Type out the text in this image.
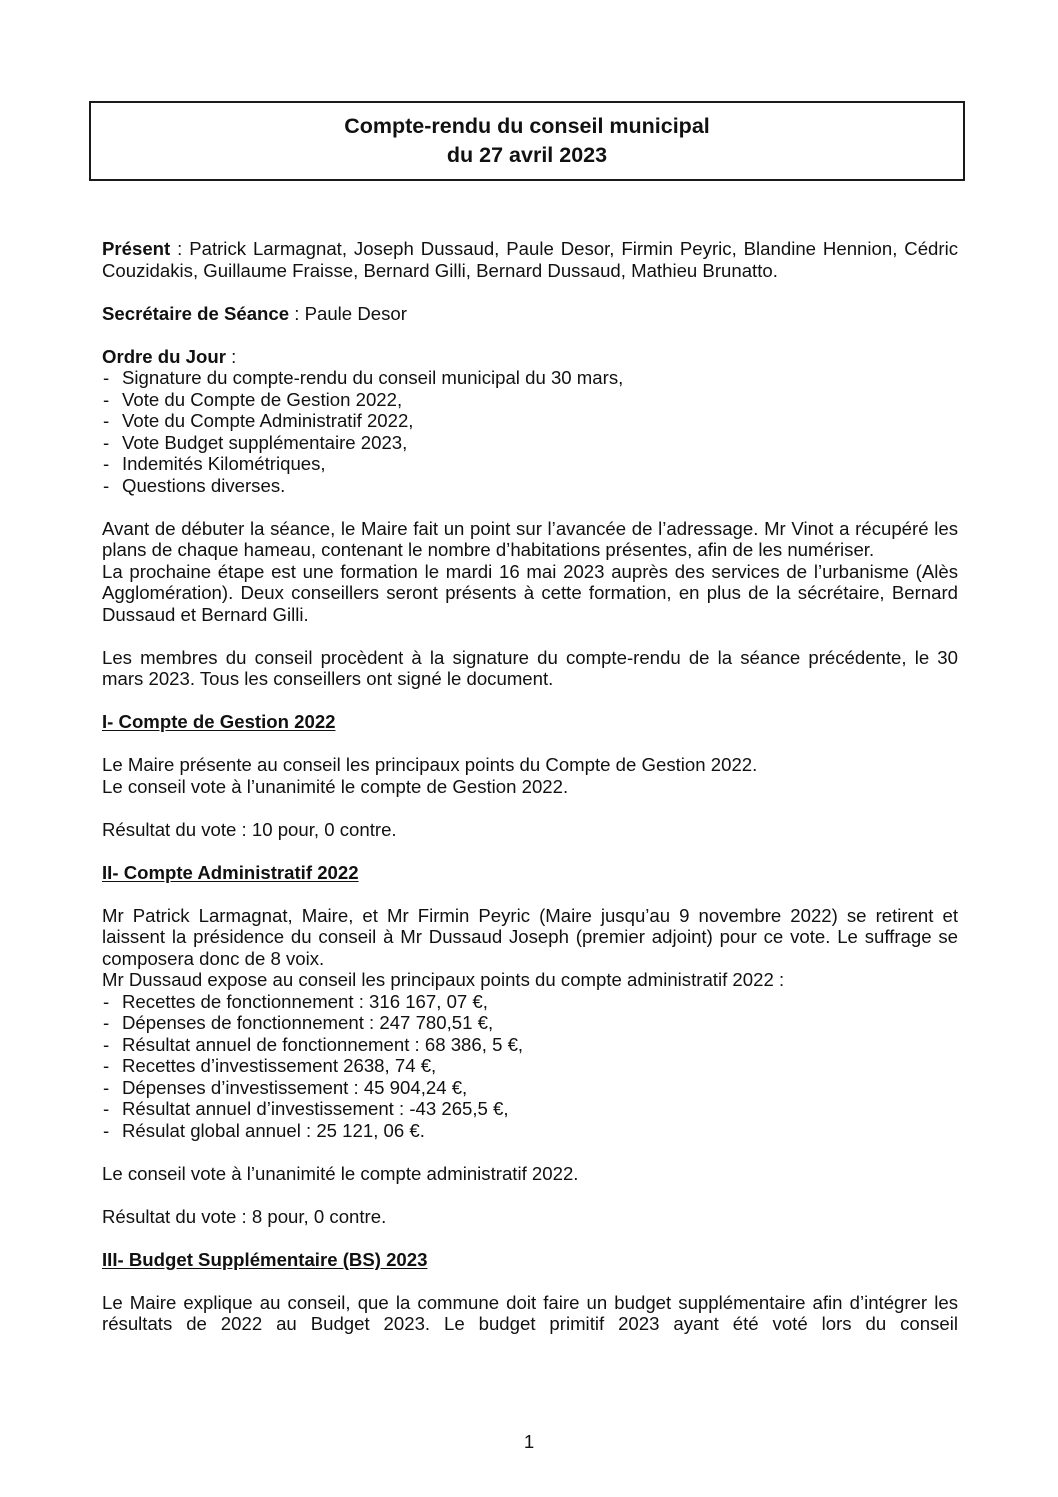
Compte-rendu du conseil municipal
du 27 avril 2023

Présent : Patrick Larmagnat, Joseph Dussaud, Paule Desor, Firmin Peyric, Blandine Hennion, Cédric Couzidakis, Guillaume Fraisse, Bernard Gilli, Bernard Dussaud, Mathieu Brunatto.

Secrétaire de Séance : Paule Desor

Ordre du Jour :

- Signature du compte-rendu du conseil municipal du 30 mars,
- Vote du Compte de Gestion 2022,
- Vote du Compte Administratif 2022,
- Vote Budget supplémentaire 2023,
- Indemités Kilométriques,
- Questions diverses.

Avant de débuter la séance, le Maire fait un point sur l’avancée de l’adressage. Mr Vinot a récupéré les plans de chaque hameau, contenant le nombre d’habitations présentes, afin de les numériser.

La prochaine étape est une formation le mardi 16 mai 2023 auprès des services de l’urbanisme (Alès Agglomération). Deux conseillers seront présents à cette formation, en plus de la sécrétaire, Bernard Dussaud et Bernard Gilli.

Les membres du conseil procèdent à la signature du compte-rendu de la séance précédente, le 30 mars 2023. Tous les conseillers ont signé le document.

I- Compte de Gestion 2022

Le Maire présente au conseil les principaux points du Compte de Gestion 2022.

Le conseil vote à l’unanimité le compte de Gestion 2022.

Résultat du vote : 10 pour, 0 contre.

II- Compte Administratif 2022

Mr Patrick Larmagnat, Maire, et Mr Firmin Peyric (Maire jusqu’au 9 novembre 2022) se retirent et laissent la présidence du conseil à Mr Dussaud Joseph (premier adjoint) pour ce vote. Le suffrage se composera donc de 8 voix.

Mr Dussaud expose au conseil les principaux points du compte administratif 2022 :

- Recettes de fonctionnement : 316 167, 07 €,
- Dépenses de fonctionnement : 247 780,51 €,
- Résultat annuel de fonctionnement : 68 386, 5 €,
- Recettes d’investissement 2638, 74 €,
- Dépenses d’investissement : 45 904,24 €,
- Résultat annuel d’investissement : -43 265,5 €,
- Résulat global annuel : 25 121, 06 €.

Le conseil vote à l’unanimité le compte administratif 2022.

Résultat du vote : 8 pour, 0 contre.

III- Budget Supplémentaire (BS) 2023

Le Maire explique au conseil, que la commune doit faire un budget supplémentaire afin d’intégrer les résultats de 2022 au Budget 2023. Le budget primitif 2023 ayant été voté lors du conseil

1
